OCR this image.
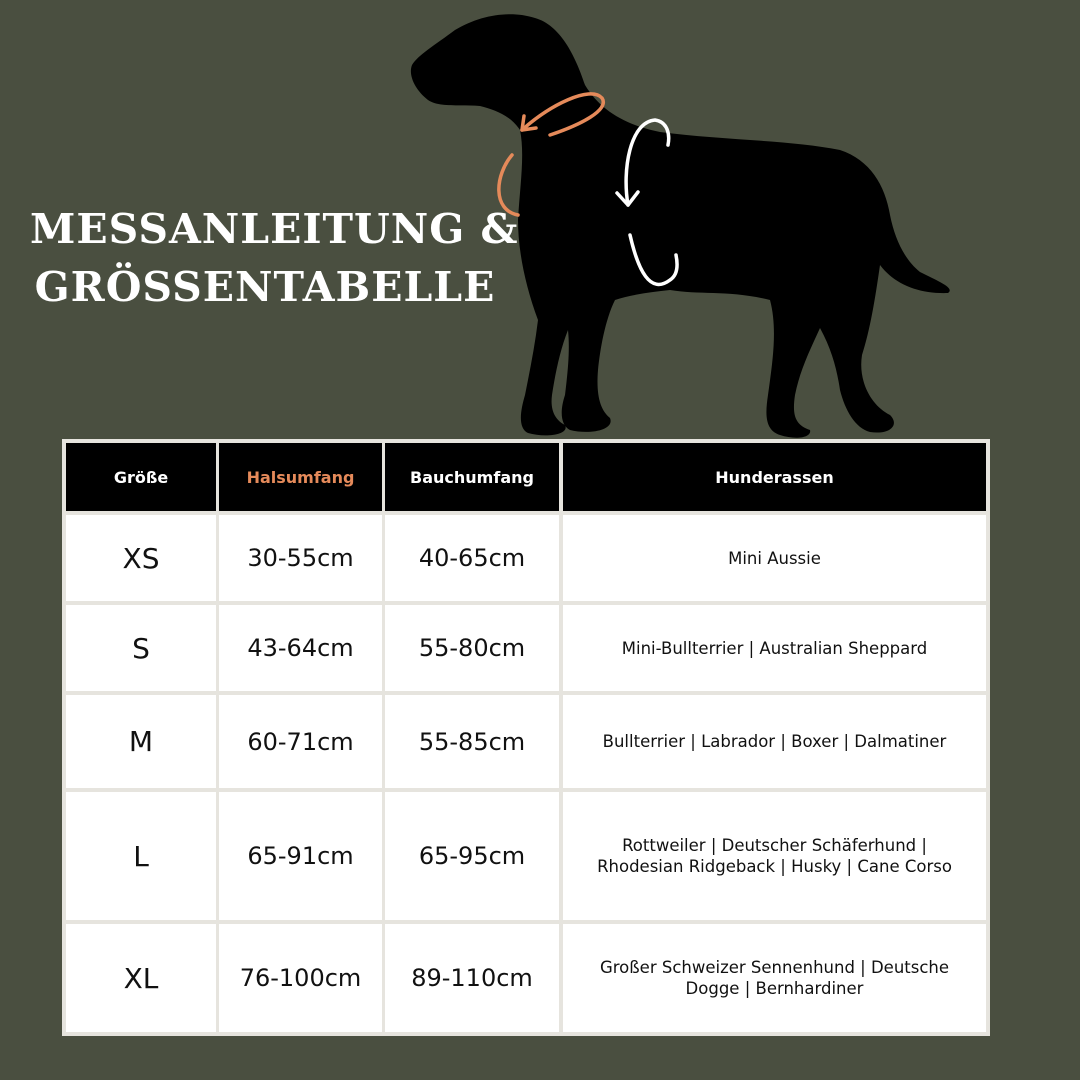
MESSANLEITUNG &
GRÖSSENTABELLE
Größe	Halsumfang	Bauchumfang	Hunderassen
XS	30-55cm	40-65cm	Mini Aussie
S	43-64cm	55-80cm	Mini-Bullterrier | Australian Sheppard
M	60-71cm	55-85cm	Bullterrier | Labrador | Boxer | Dalmatiner
L	65-91cm	65-95cm	Rottweiler | Deutscher Schäferhund | Rhodesian Ridgeback | Husky | Cane Corso
XL	76-100cm	89-110cm	Großer Schweizer Sennenhund | Deutsche Dogge | Bernhardiner
